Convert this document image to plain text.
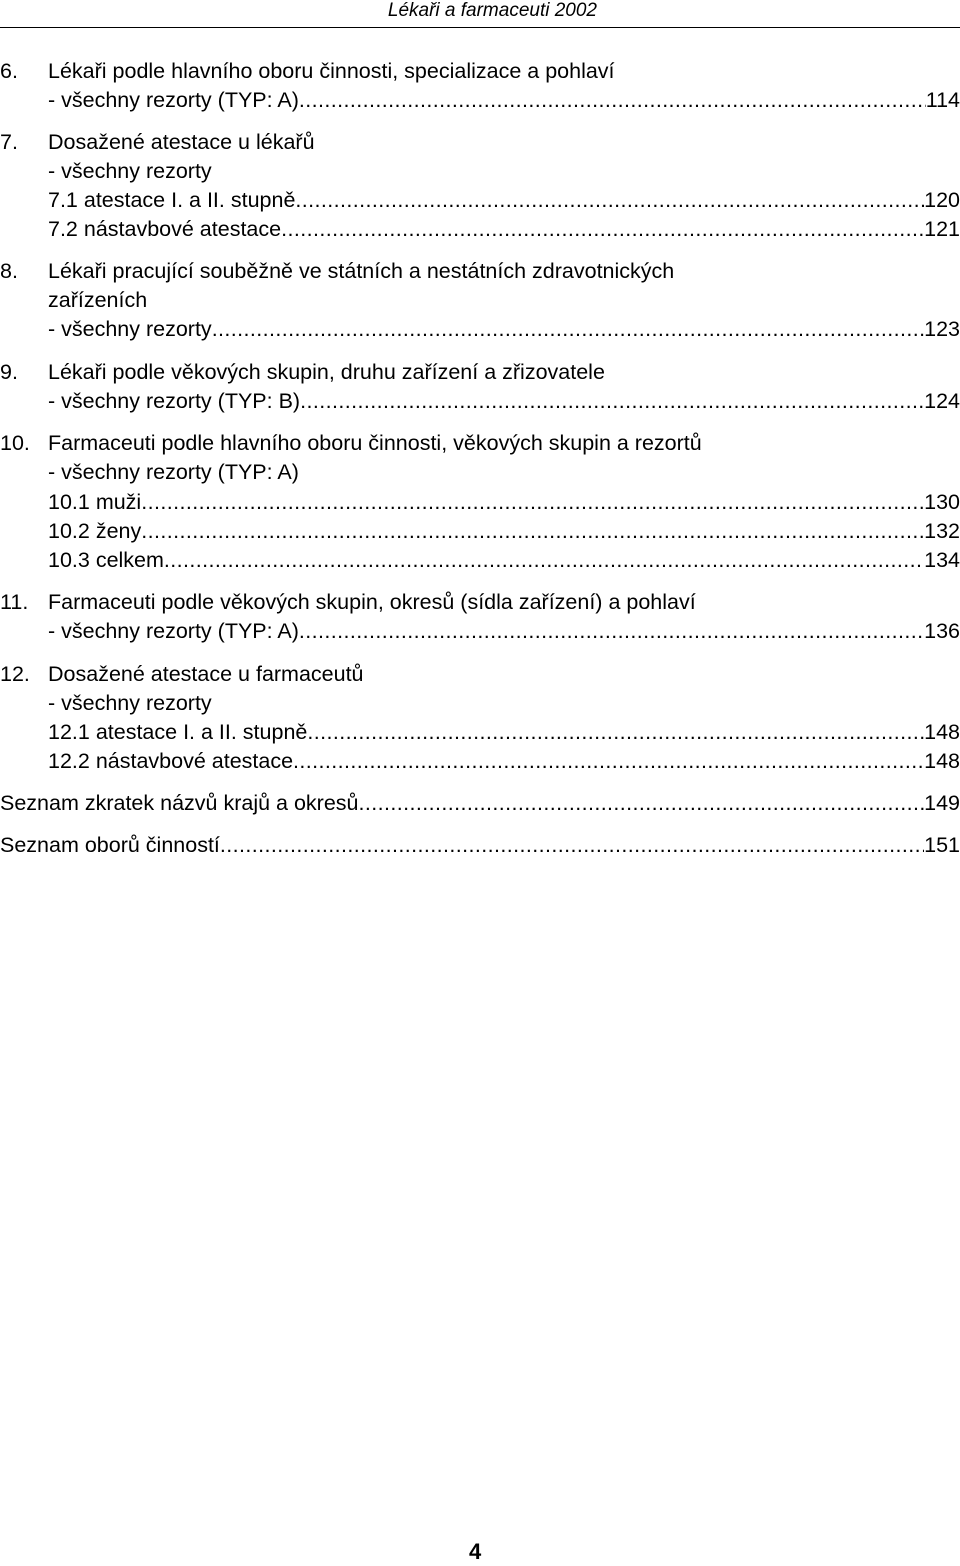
Lékaři a farmaceuti 2002
6. Lékaři podle hlavního oboru činnosti, specializace a pohlaví
- všechny rezorty (TYP: A) .....	114
7. Dosažené atestace u lékařů
- všechny rezorty
7.1 atestace I. a II. stupně .....	120
7.2 nástavbové atestace .....	121
8. Lékaři pracující souběžně ve státních a nestátních zdravotnických
zařízeních
- všechny rezorty .....	123
9. Lékaři podle věkových skupin, druhu zařízení a zřizovatele
- všechny rezorty (TYP: B) .....	124
10. Farmaceuti podle hlavního oboru činnosti, věkových skupin a rezortů
- všechny rezorty (TYP: A)
10.1 muži .....	130
10.2 ženy .....	132
10.3 celkem .....	134
11. Farmaceuti podle věkových skupin, okresů (sídla zařízení) a pohlaví
- všechny rezorty (TYP: A) .....	136
12. Dosažené atestace u farmaceutů
- všechny rezorty
12.1 atestace I. a II. stupně .....	148
12.2 nástavbové atestace .....	148
Seznam zkratek názvů krajů a okresů .....	149
Seznam oborů činností .....	151
4
